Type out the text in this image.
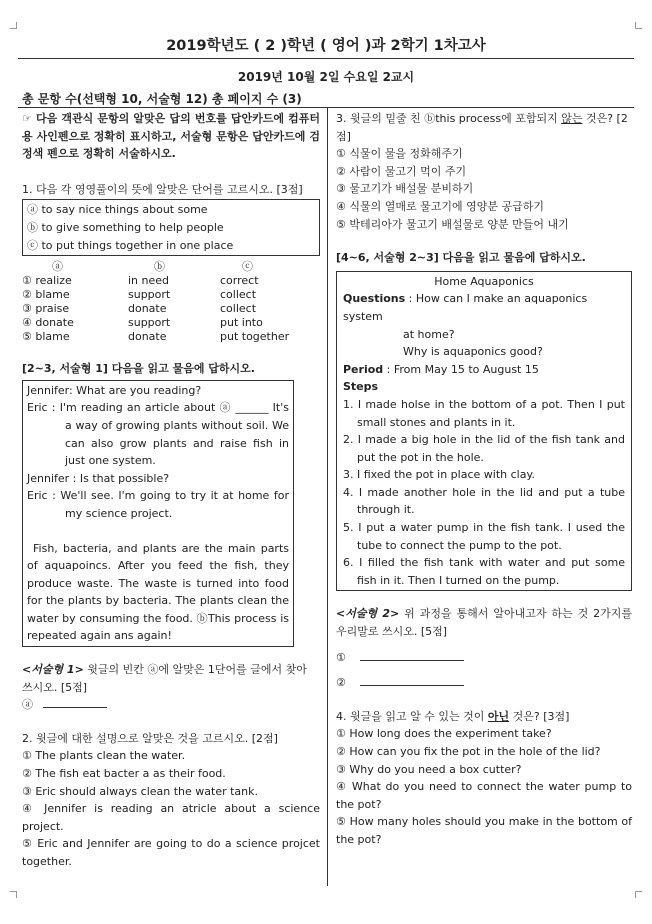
2019학년도 ( 2 )학년 ( 영어 )과 2학기 1차고사
2019년 10월 2일 수요일 2교시
총 문항 수(선택형 10, 서술형 12) 총 페이지 수 (3)

☞ 다음 객관식 문항의 알맞은 답의 번호를 답안카드에 컴퓨터용 사인펜으로 정확히 표시하고, 서술형 문항은 답안카드에 검정색 펜으로 정확히 서술하시오.

1. 다음 각 영영풀이의 뜻에 알맞은 단어를 고르시오. [3점]

ⓐ to say nice things about some

ⓑ to give something to help people

ⓒ to put things together in one place

ⓐ	ⓑ	ⓒ
① realize	in need	correct
② blame	support	collect
③ praise	donate	collect
④ donate	support	put into
⑤ blame	donate	put together

[2~3, 서술형 1] 다음을 읽고 물음에 답하시오.

Jennifer: What are you reading?

Eric : I'm reading an article about ⓐ ______ It's a way of growing plants without soil. We can also grow plants and raise fish in just one system.

Jennifer : Is that possible?

Eric : We'll see. I'm going to try it at home for my science project.

Fish, bacteria, and plants are the main parts of aquapoincs. After you feed the fish, they produce waste. The waste is turned into food for the plants by bacteria. The plants clean the water by consuming the food. ⓑThis process is repeated again ans again!

<서술형 1> 윗글의 빈칸 ⓐ에 알맞은 1단어를 글에서 찾아 쓰시오. [5점]

ⓐ

2. 윗글에 대한 설명으로 알맞은 것을 고르시오. [2점]

① The plants clean the water.

② The fish eat bacter a as their food.

③ Eric should always clean the water tank.

④ Jennifer is reading an atricle about a science project.

⑤ Eric and Jennifer are going to do a science projcet together.

3. 윗글의 밑줄 친 ⓑthis process에 포함되지 않는 것은? [2점]

① 식물이 물을 정화해주기

② 사람이 물고기 먹이 주기

③ 물고기가 배설물 분비하기

④ 식물의 열매로 물고기에 영양분 공급하기

⑤ 박테리아가 물고기 배설물로 양분 만들어 내기

[4~6, 서술형 2~3] 다음을 읽고 물음에 답하시오.

Home Aquaponics

Questions : How can I make an aquaponics system

at home?

Why is aquaponics good?

Period : From May 15 to August 15

Steps

1. I made holse in the bottom of a pot. Then I put small stones and plants in it.

2. I made a big hole in the lid of the fish tank and put the pot in the hole.

3. I fixed the pot in place with clay.

4. I made another hole in the lid and put a tube through it.

5. I put a water pump in the fish tank. I used the tube to connect the pump to the pot.

6. I filled the fish tank with water and put some fish in it. Then I turned on the pump.

<서술형 2> 위 과정을 통해서 알아내고자 하는 것 2가지를 우리말로 쓰시오. [5점]

①

②

4. 윗글을 읽고 알 수 있는 것이 아닌 것은? [3점]

① How long does the experiment take?

② How can you fix the pot in the hole of the lid?

③ Why do you need a box cutter?

④ What do you need to connect the water pump to the pot?

⑤ How many holes should you make in the bottom of the pot?
